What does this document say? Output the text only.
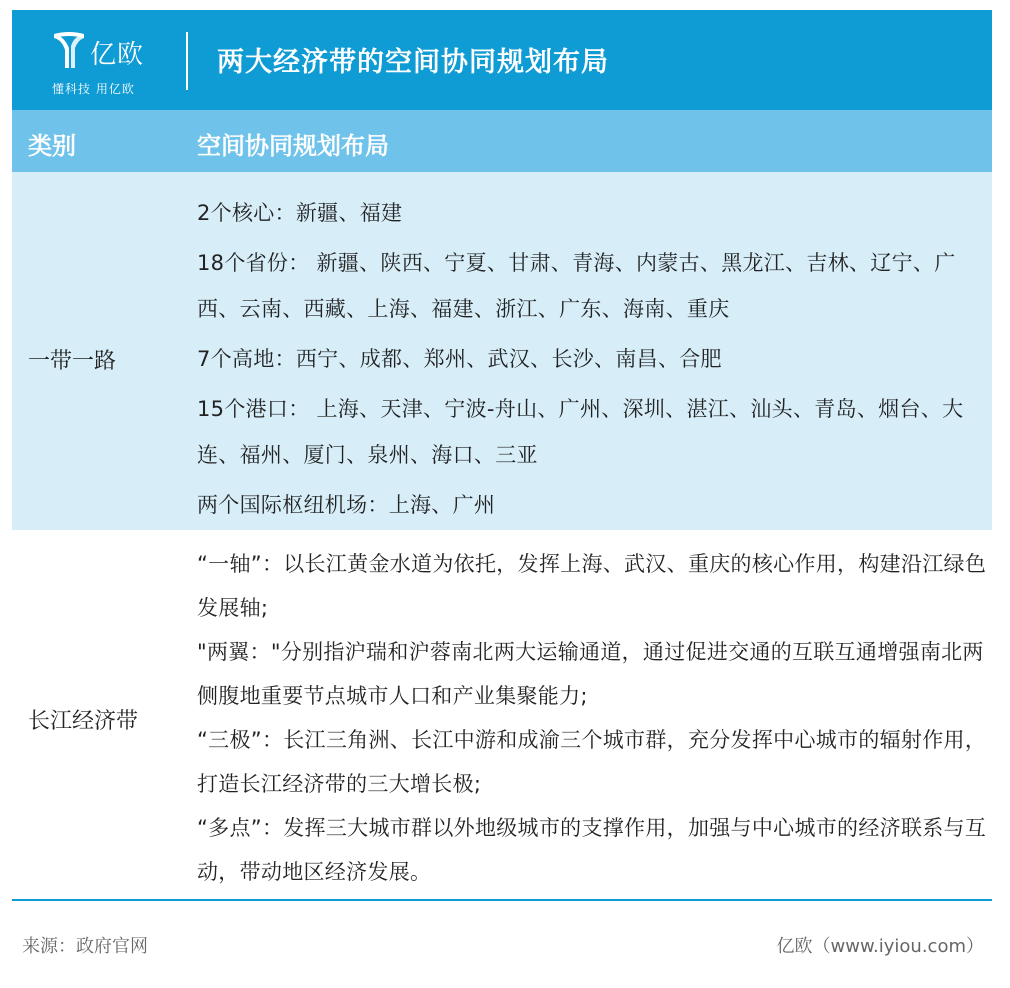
亿欧
懂科技 用亿欧
两大经济带的空间协同规划布局
类别	空间协同规划布局
一带一路
2个核心：新疆、福建
18个省份： 新疆、陕西、宁夏、甘肃、青海、内蒙古、黑龙江、吉林、辽宁、广西、云南、西藏、上海、福建、浙江、广东、海南、重庆
7个高地：西宁、成都、郑州、武汉、长沙、南昌、合肥
15个港口： 上海、天津、宁波-舟山、广州、深圳、湛江、汕头、青岛、烟台、大连、福州、厦门、泉州、海口、三亚
两个国际枢纽机场：上海、广州
长江经济带
“一轴”：以长江黄金水道为依托，发挥上海、武汉、重庆的核心作用，构建沿江绿色发展轴;
"两翼："分别指沪瑞和沪蓉南北两大运输通道，通过促进交通的互联互通增强南北两侧腹地重要节点城市人口和产业集聚能力;
“三极”：长江三角洲、长江中游和成渝三个城市群，充分发挥中心城市的辐射作用，打造长江经济带的三大增长极;
“多点”：发挥三大城市群以外地级城市的支撑作用，加强与中心城市的经济联系与互动，带动地区经济发展。
来源：政府官网	亿欧（www.iyiou.com）
